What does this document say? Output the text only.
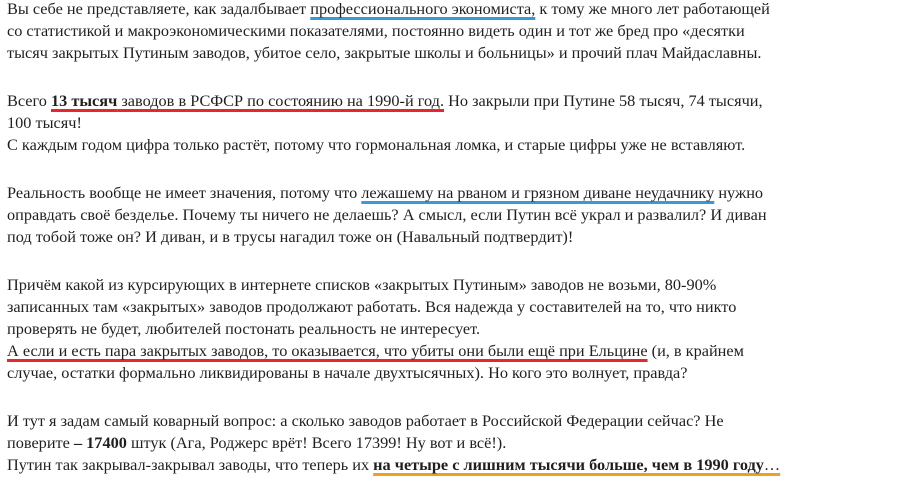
Вы себе не представляете, как задалбывает профессионального экономиста, к тому же много лет работающей
со статистикой и макроэкономическими показателями, постоянно видеть один и тот же бред про «десятки
тысяч закрытых Путиным заводов, убитое село, закрытые школы и больницы» и прочий плач Майдаславны.
Всего 13 тысяч заводов в РСФСР по состоянию на 1990-й год. Но закрыли при Путине 58 тысяч, 74 тысячи,
100 тысяч!
С каждым годом цифра только растёт, потому что гормональная ломка, и старые цифры уже не вставляют.
Реальность вообще не имеет значения, потому что лежашему на рваном и грязном диване неудачнику нужно
оправдать своё безделье. Почему ты ничего не делаешь? А смысл, если Путин всё украл и развалил? И диван
под тобой тоже он? И диван, и в трусы нагадил тоже он (Навальный подтвердит)!
Причём какой из курсирующих в интернете списков «закрытых Путиным» заводов не возьми, 80-90%
записанных там «закрытых» заводов продолжают работать. Вся надежда у составителей на то, что никто
проверять не будет, любителей постонать реальность не интересует.
А если и есть пара закрытых заводов, то оказывается, что убиты они были ещё при Ельцине (и, в крайнем
случае, остатки формально ликвидированы в начале двухтысячных). Но кого это волнует, правда?
И тут я задам самый коварный вопрос: а сколько заводов работает в Российской Федерации сейчас? Не
поверите – 17400 штук (Ага, Роджерс врёт! Всего 17399! Ну вот и всё!).
Путин так закрывал-закрывал заводы, что теперь их на четыре с лишним тысячи больше, чем в 1990 году…
